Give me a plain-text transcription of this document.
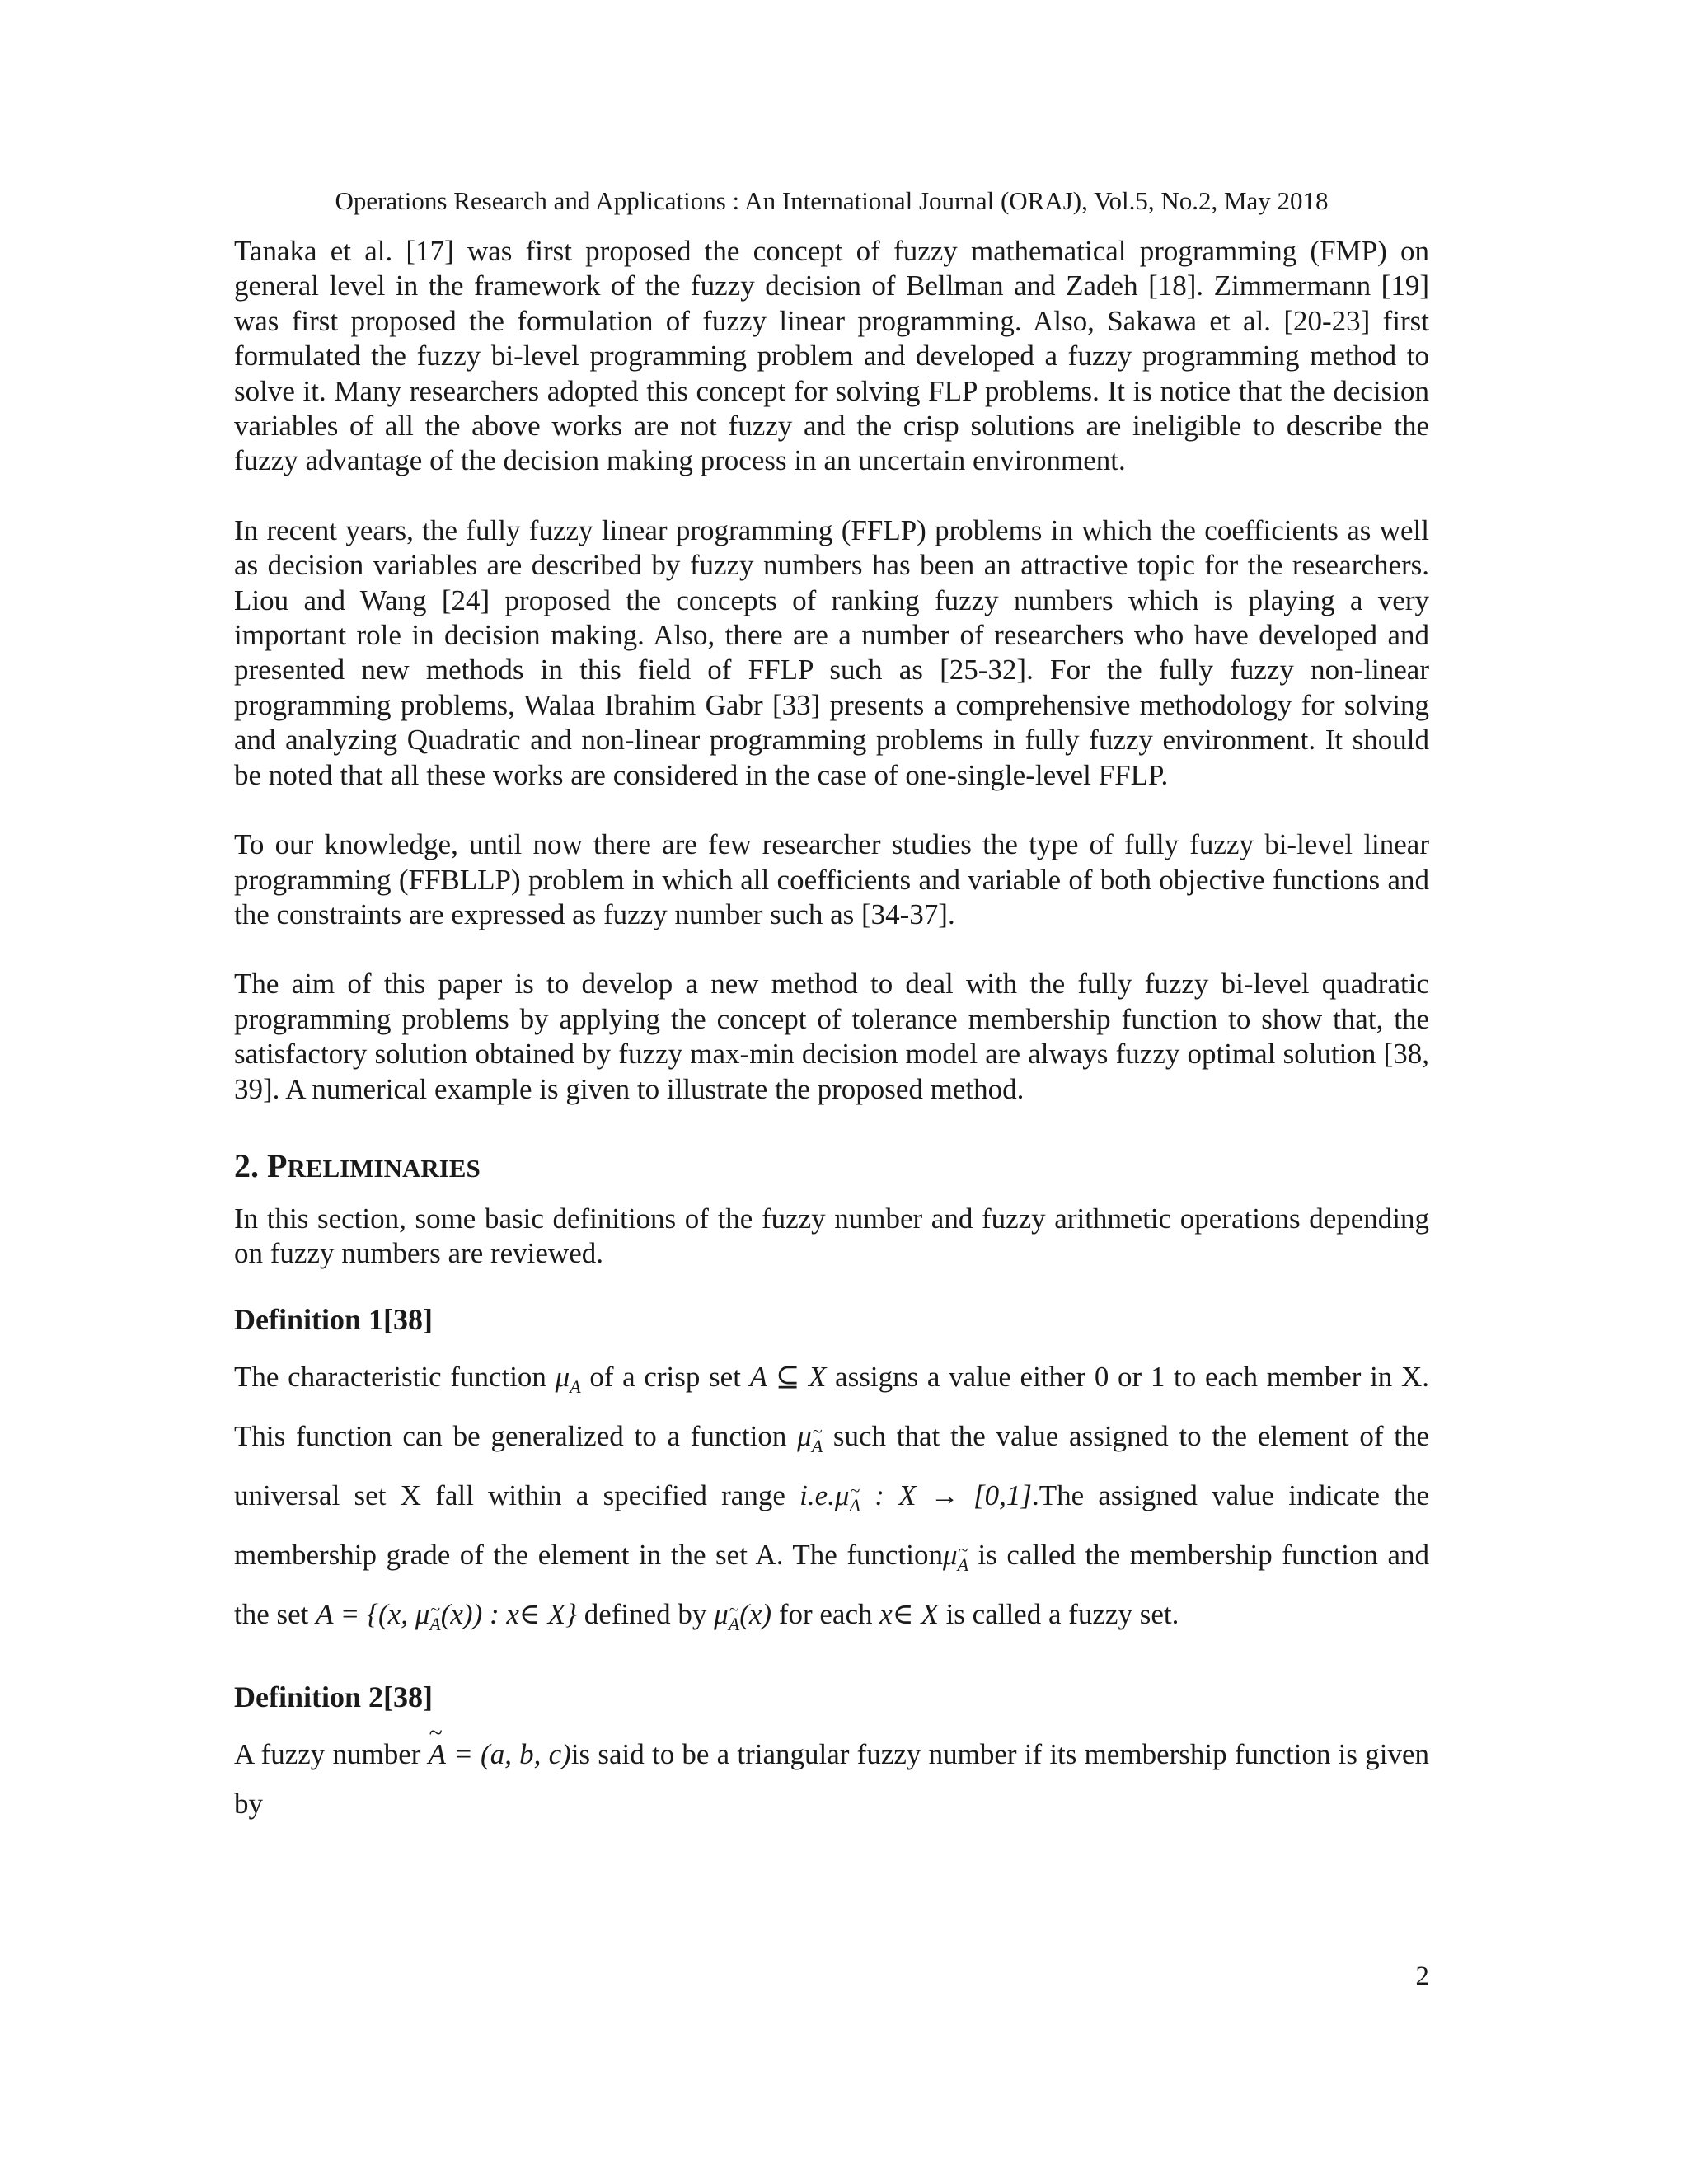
Operations Research and Applications : An International Journal (ORAJ), Vol.5, No.2, May 2018

Tanaka et al. [17] was first proposed the concept of fuzzy mathematical programming (FMP) on general level in the framework of the fuzzy decision of Bellman and Zadeh [18]. Zimmermann [19] was first proposed the formulation of fuzzy linear programming. Also, Sakawa et al. [20-23] first formulated the fuzzy bi-level programming problem and developed a fuzzy programming method to solve it. Many researchers adopted this concept for solving FLP problems. It is notice that the decision variables of all the above works are not fuzzy and the crisp solutions are ineligible to describe the fuzzy advantage of the decision making process in an uncertain environment.

In recent years, the fully fuzzy linear programming (FFLP) problems in which the coefficients as well as decision variables are described by fuzzy numbers has been an attractive topic for the researchers. Liou and Wang [24] proposed the concepts of ranking fuzzy numbers which is playing a very important role in decision making. Also, there are a number of researchers who have developed and presented new methods in this field of FFLP such as [25-32]. For the fully fuzzy non-linear programming problems, Walaa Ibrahim Gabr [33] presents a comprehensive methodology for solving and analyzing Quadratic and non-linear programming problems in fully fuzzy environment. It should be noted that all these works are considered in the case of one-single-level FFLP.

To our knowledge, until now there are few researcher studies the type of fully fuzzy bi-level linear programming (FFBLLP) problem in which all coefficients and variable of both objective functions and the constraints are expressed as fuzzy number such as [34-37].

The aim of this paper is to develop a new method to deal with the fully fuzzy bi-level quadratic programming problems by applying the concept of tolerance membership function to show that, the satisfactory solution obtained by fuzzy max-min decision model are always fuzzy optimal solution [38, 39]. A numerical example is given to illustrate the proposed method.

2. PRELIMINARIES

In this section, some basic definitions of the fuzzy number and fuzzy arithmetic operations depending on fuzzy numbers are reviewed.

Definition 1[38]

The characteristic function $\mu_A$ of a crisp set A ⊆ X assigns a value either 0 or 1 to each member in X. This function can be generalized to a function μ~ A such that the value assigned to the element of the universal set X fall within a specified range i.e.μ~ A : X → [0,1].The assigned value indicate the membership grade of the element in the set A. The functionμ~ A is called the membership function and the set A = {(x, μ~ A(x)) : x∈ X} defined by μ~ A(x) for each x∈ X is called a fuzzy set.

Definition 2[38]

A fuzzy number ~ A = (a, b, c)is said to be a triangular fuzzy number if its membership function is given by

2
